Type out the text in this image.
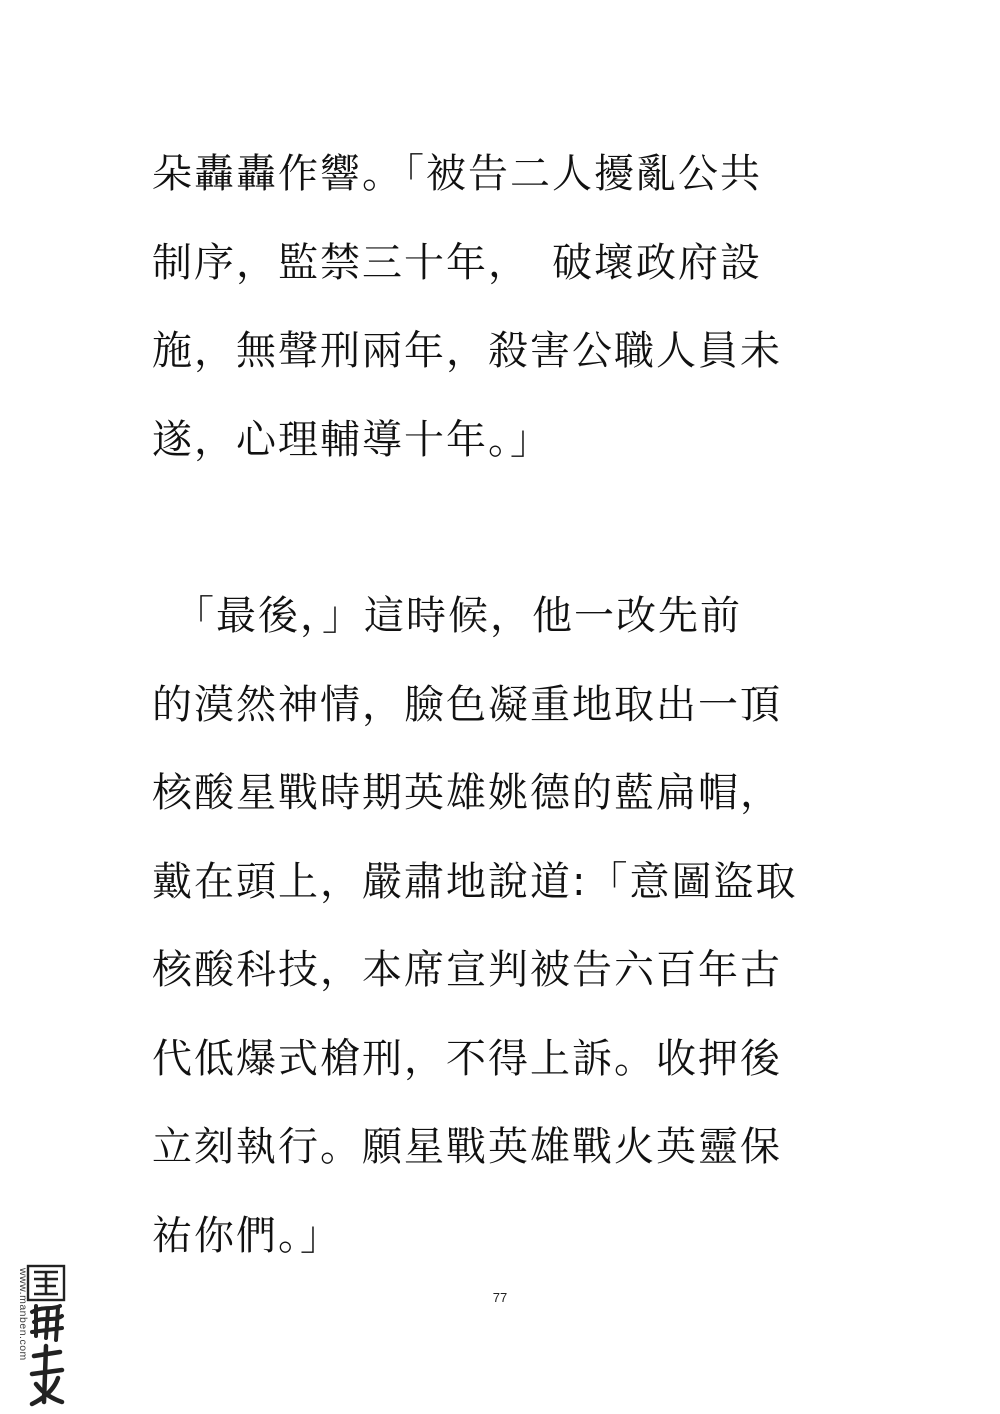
朵轟轟作響。「被告二人擾亂公共
制序，監禁三十年，　破壞政府設
施，無聲刑兩年，殺害公職人員未
遂，心理輔導十年。」
　「最後，」這時候，他一改先前
的漠然神情，臉色凝重地取出一頂
核酸星戰時期英雄姚德的藍扁帽，
戴在頭上，嚴肅地說道:「意圖盜取
核酸科技，本席宣判被告六百年古
代低爆式槍刑，不得上訴。收押後
立刻執行。願星戰英雄戰火英靈保
祐你們。」
77
www.manben.com
